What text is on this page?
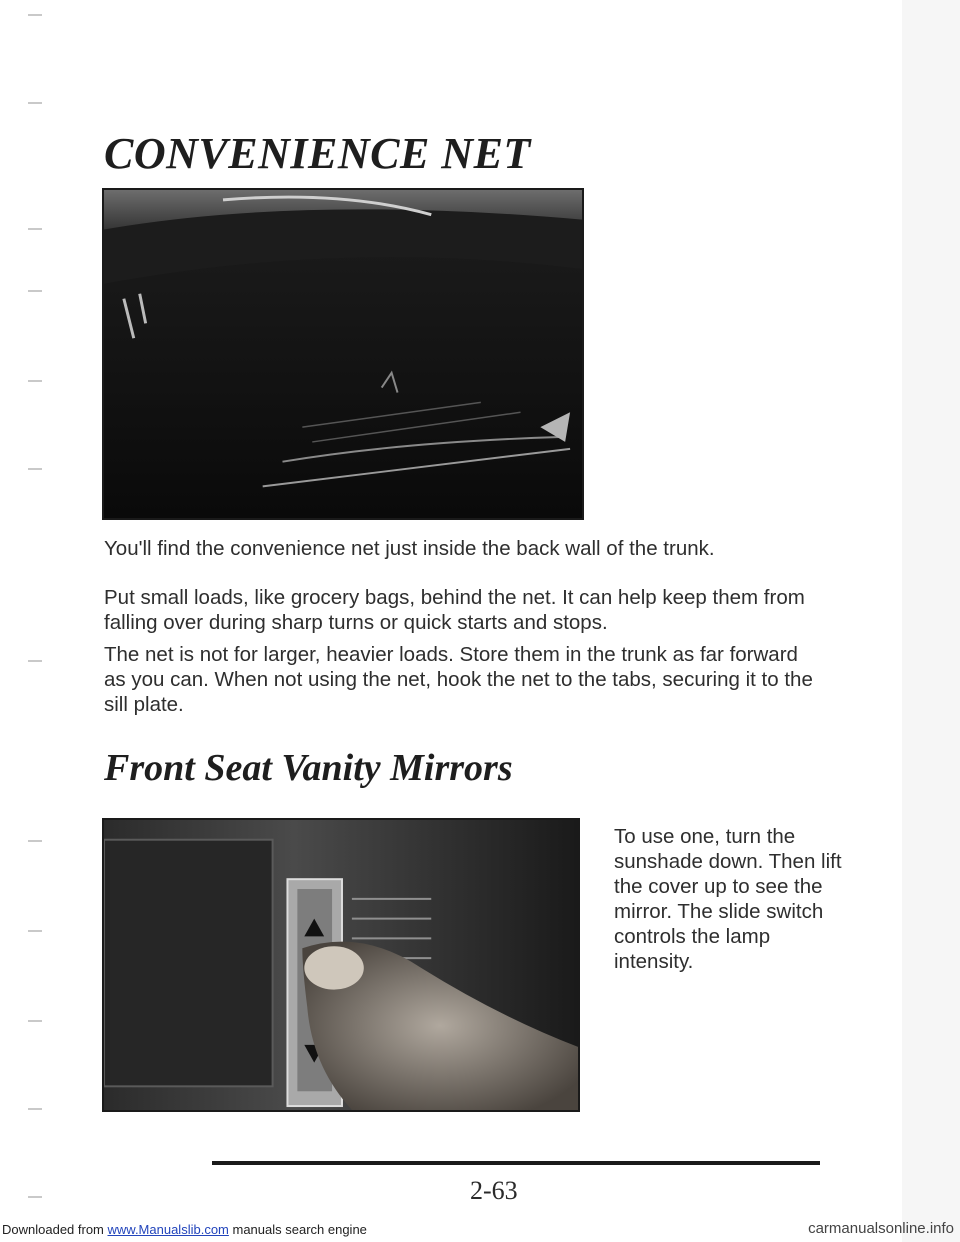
CONVENIENCE NET

You'll find the convenience net just inside the back wall of the trunk.

Put small loads, like grocery bags, behind the net. It can help keep them from falling over during sharp turns or quick starts and stops.

The net is not for larger, heavier loads. Store them in the trunk as far forward as you can. When not using the net, hook the net to the tabs, securing it to the sill plate.

Front Seat Vanity Mirrors

To use one, turn the sunshade down. Then lift the cover up to see the mirror. The slide switch controls the lamp intensity.

2-63

Downloaded from www.Manualslib.com manuals search engine	carmanualsonline.info
